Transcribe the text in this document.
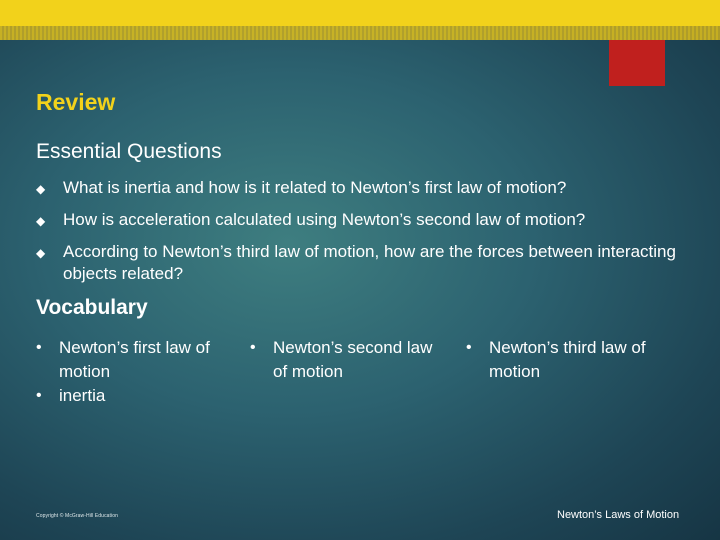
Review
Essential Questions
◆ What is inertia and how is it related to Newton’s first law of motion?
◆ How is acceleration calculated using Newton’s second law of motion?
◆ According to Newton’s third law of motion, how are the forces between interacting objects related?
Vocabulary
• Newton’s first law of motion
• inertia
• Newton’s second law of motion
• Newton’s third law of motion
Copyright © McGraw-Hill Education	Newton’s Laws of Motion
